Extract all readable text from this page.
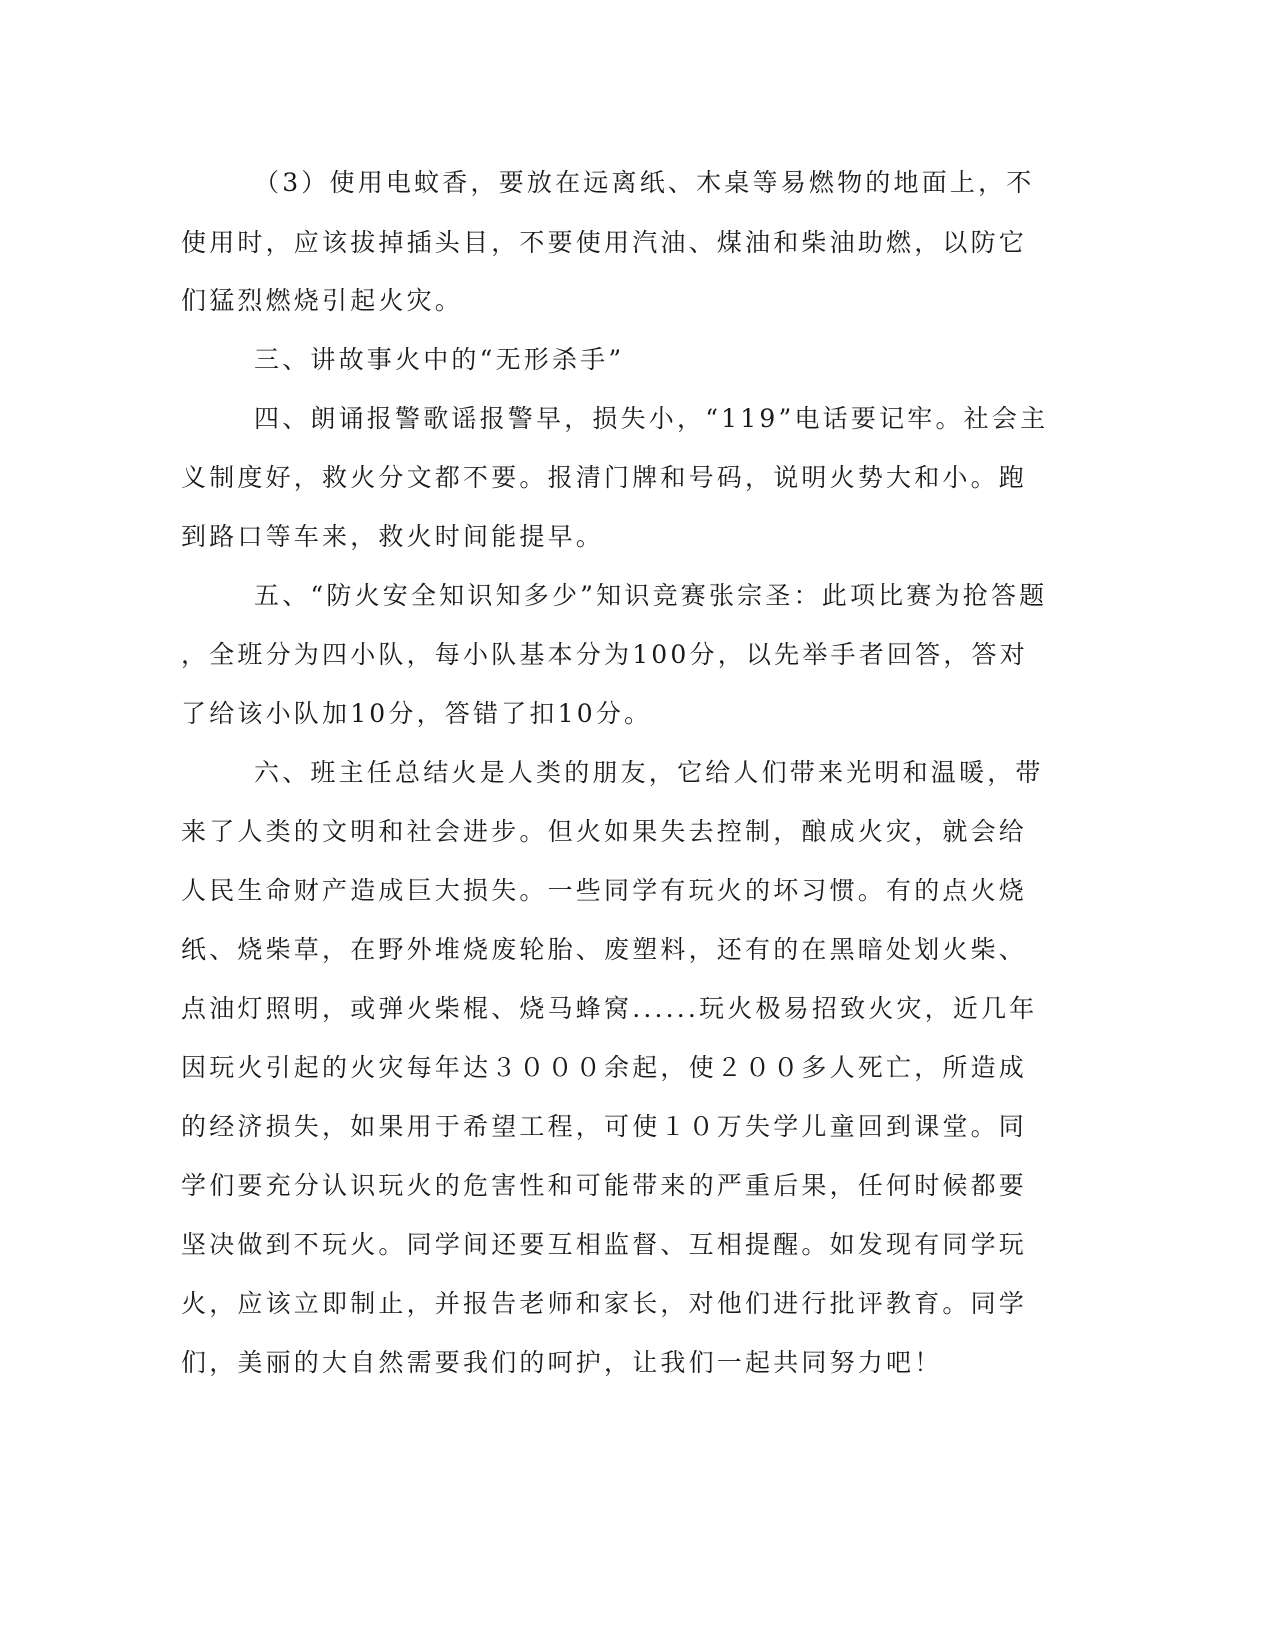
（3）使用电蚊香，要放在远离纸、木桌等易燃物的地面上，不
使用时，应该拔掉插头目，不要使用汽油、煤油和柴油助燃，以防它
们猛烈燃烧引起火灾。
三、讲故事火中的“无形杀手”
四、朗诵报警歌谣报警早，损失小，“119”电话要记牢。社会主
义制度好，救火分文都不要。报清门牌和号码，说明火势大和小。跑
到路口等车来，救火时间能提早。
五、“防火安全知识知多少”知识竞赛张宗圣：此项比赛为抢答题
，全班分为四小队，每小队基本分为100分，以先举手者回答，答对
了给该小队加10分，答错了扣10分。
六、班主任总结火是人类的朋友，它给人们带来光明和温暖，带
来了人类的文明和社会进步。但火如果失去控制，酿成火灾，就会给
人民生命财产造成巨大损失。一些同学有玩火的坏习惯。有的点火烧
纸、烧柴草，在野外堆烧废轮胎、废塑料，还有的在黑暗处划火柴、
点油灯照明，或弹火柴棍、烧马蜂窝......玩火极易招致火灾，近几年
因玩火引起的火灾每年达３０００余起，使２００多人死亡，所造成
的经济损失，如果用于希望工程，可使１０万失学儿童回到课堂。同
学们要充分认识玩火的危害性和可能带来的严重后果，任何时候都要
坚决做到不玩火。同学间还要互相监督、互相提醒。如发现有同学玩
火，应该立即制止，并报告老师和家长，对他们进行批评教育。同学
们，美丽的大自然需要我们的呵护，让我们一起共同努力吧！
